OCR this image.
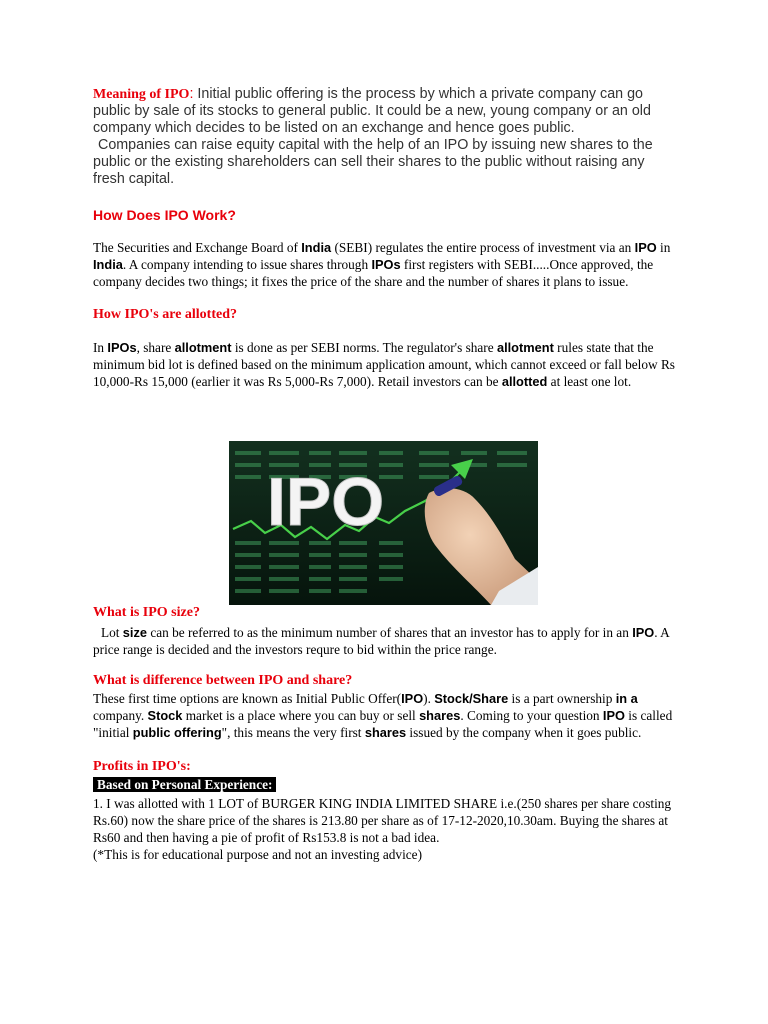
Meaning of IPO: Initial public offering is the process by which a private company can go public by sale of its stocks to general public. It could be a new, young company or an old company which decides to be listed on an exchange and hence goes public.
Companies can raise equity capital with the help of an IPO by issuing new shares to the public or the existing shareholders can sell their shares to the public without raising any fresh capital.

How Does IPO Work?

The Securities and Exchange Board of India (SEBI) regulates the entire process of investment via an IPO in India. A company intending to issue shares through IPOs first registers with SEBI.....Once approved, the company decides two things; it fixes the price of the share and the number of shares it plans to issue.

How IPO's are allotted?

In IPOs, share allotment is done as per SEBI norms. The regulator's share allotment rules state that the minimum bid lot is defined based on the minimum application amount, which cannot exceed or fall below Rs 10,000-Rs 15,000 (earlier it was Rs 5,000-Rs 7,000). Retail investors can be allotted at least one lot.

IPO
What is IPO size?

Lot size can be referred to as the minimum number of shares that an investor has to apply for in an IPO. A price range is decided and the investors requre to bid within the price range.

What is difference between IPO and share?

These first time options are known as Initial Public Offer(IPO). Stock/Share is a part ownership in a company. Stock market is a place where you can buy or sell shares. Coming to your question IPO is called "initial public offering", this means the very first shares issued by the company when it goes public.

Profits in IPO's:
Based on Personal Experience:

1. I was allotted with 1 LOT of BURGER KING INDIA LIMITED SHARE i.e.(250 shares per share costing Rs.60) now the share price of the shares is 213.80 per share as of 17-12-2020,10.30am. Buying the shares at Rs60 and then having a pie of profit of Rs153.8 is not a bad idea.

(*This is for educational purpose and not an investing advice)
